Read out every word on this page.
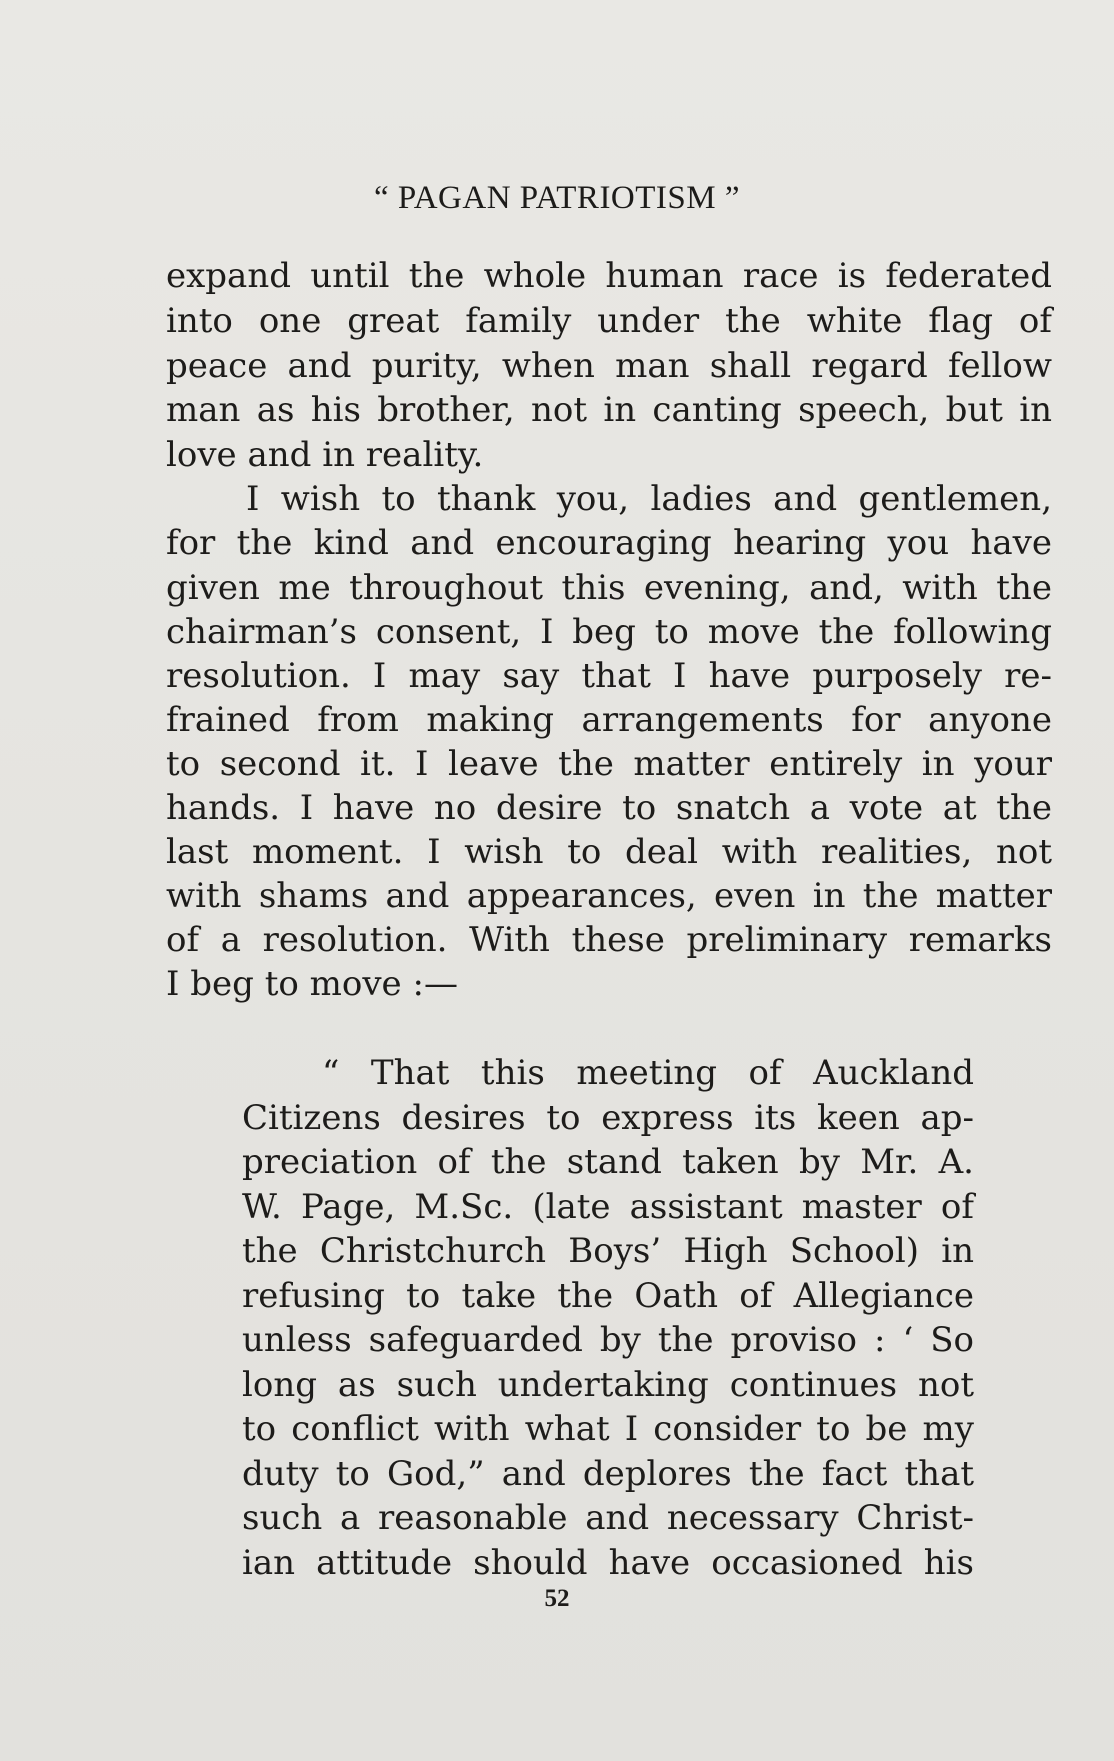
“ PAGAN PATRIOTISM ”
expand until the whole human race is federated
into one great family under the white flag of
peace and purity, when man shall regard fellow
man as his brother, not in canting speech, but in
love and in reality.
I wish to thank you, ladies and gentlemen,
for the kind and encouraging hearing you have
given me throughout this evening, and, with the
chairman’s consent, I beg to move the following
resolution. I may say that I have purposely re-
frained from making arrangements for anyone
to second it. I leave the matter entirely in your
hands. I have no desire to snatch a vote at the
last moment. I wish to deal with realities, not
with shams and appearances, even in the matter
of a resolution. With these preliminary remarks
I beg to move :—
“ That this meeting of Auckland
Citizens desires to express its keen ap-
preciation of the stand taken by Mr. A.
W. Page, M.Sc. (late assistant master of
the Christchurch Boys’ High School) in
refusing to take the Oath of Allegiance
unless safeguarded by the proviso : ‘ So
long as such undertaking continues not
to conflict with what I consider to be my
duty to God,” and deplores the fact that
such a reasonable and necessary Christ-
ian attitude should have occasioned his
52
